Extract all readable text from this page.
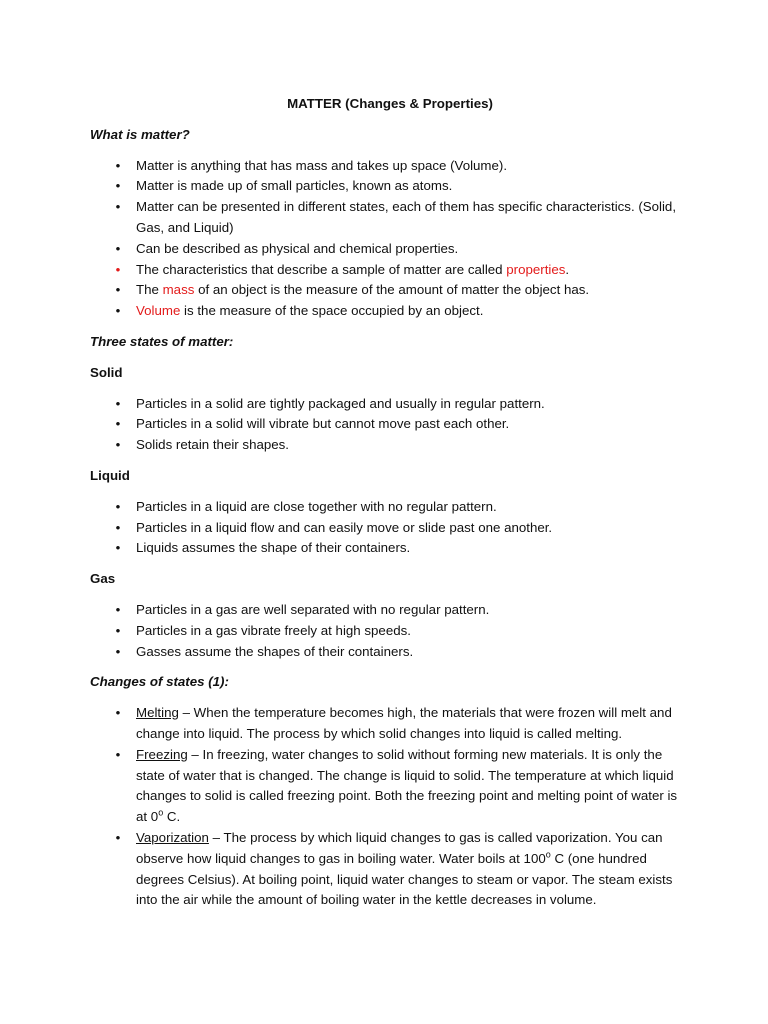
MATTER (Changes & Properties)
What is matter?
• Matter is anything that has mass and takes up space (Volume).
• Matter is made up of small particles, known as atoms.
• Matter can be presented in different states, each of them has specific characteristics. (Solid, Gas, and Liquid)
• Can be described as physical and chemical properties.
• The characteristics that describe a sample of matter are called properties.
• The mass of an object is the measure of the amount of matter the object has.
• Volume is the measure of the space occupied by an object.
Three states of matter:
Solid
• Particles in a solid are tightly packaged and usually in regular pattern.
• Particles in a solid will vibrate but cannot move past each other.
• Solids retain their shapes.
Liquid
• Particles in a liquid are close together with no regular pattern.
• Particles in a liquid flow and can easily move or slide past one another.
• Liquids assumes the shape of their containers.
Gas
• Particles in a gas are well separated with no regular pattern.
• Particles in a gas vibrate freely at high speeds.
• Gasses assume the shapes of their containers.
Changes of states (1):
• Melting – When the temperature becomes high, the materials that were frozen will melt and change into liquid. The process by which solid changes into liquid is called melting.
• Freezing – In freezing, water changes to solid without forming new materials. It is only the state of water that is changed. The change is liquid to solid. The temperature at which liquid changes to solid is called freezing point. Both the freezing point and melting point of water is at 0$^o$ C.
• Vaporization – The process by which liquid changes to gas is called vaporization. You can observe how liquid changes to gas in boiling water. Water boils at 100$^o$ C (one hundred degrees Celsius). At boiling point, liquid water changes to steam or vapor. The steam exists into the air while the amount of boiling water in the kettle decreases in volume.
